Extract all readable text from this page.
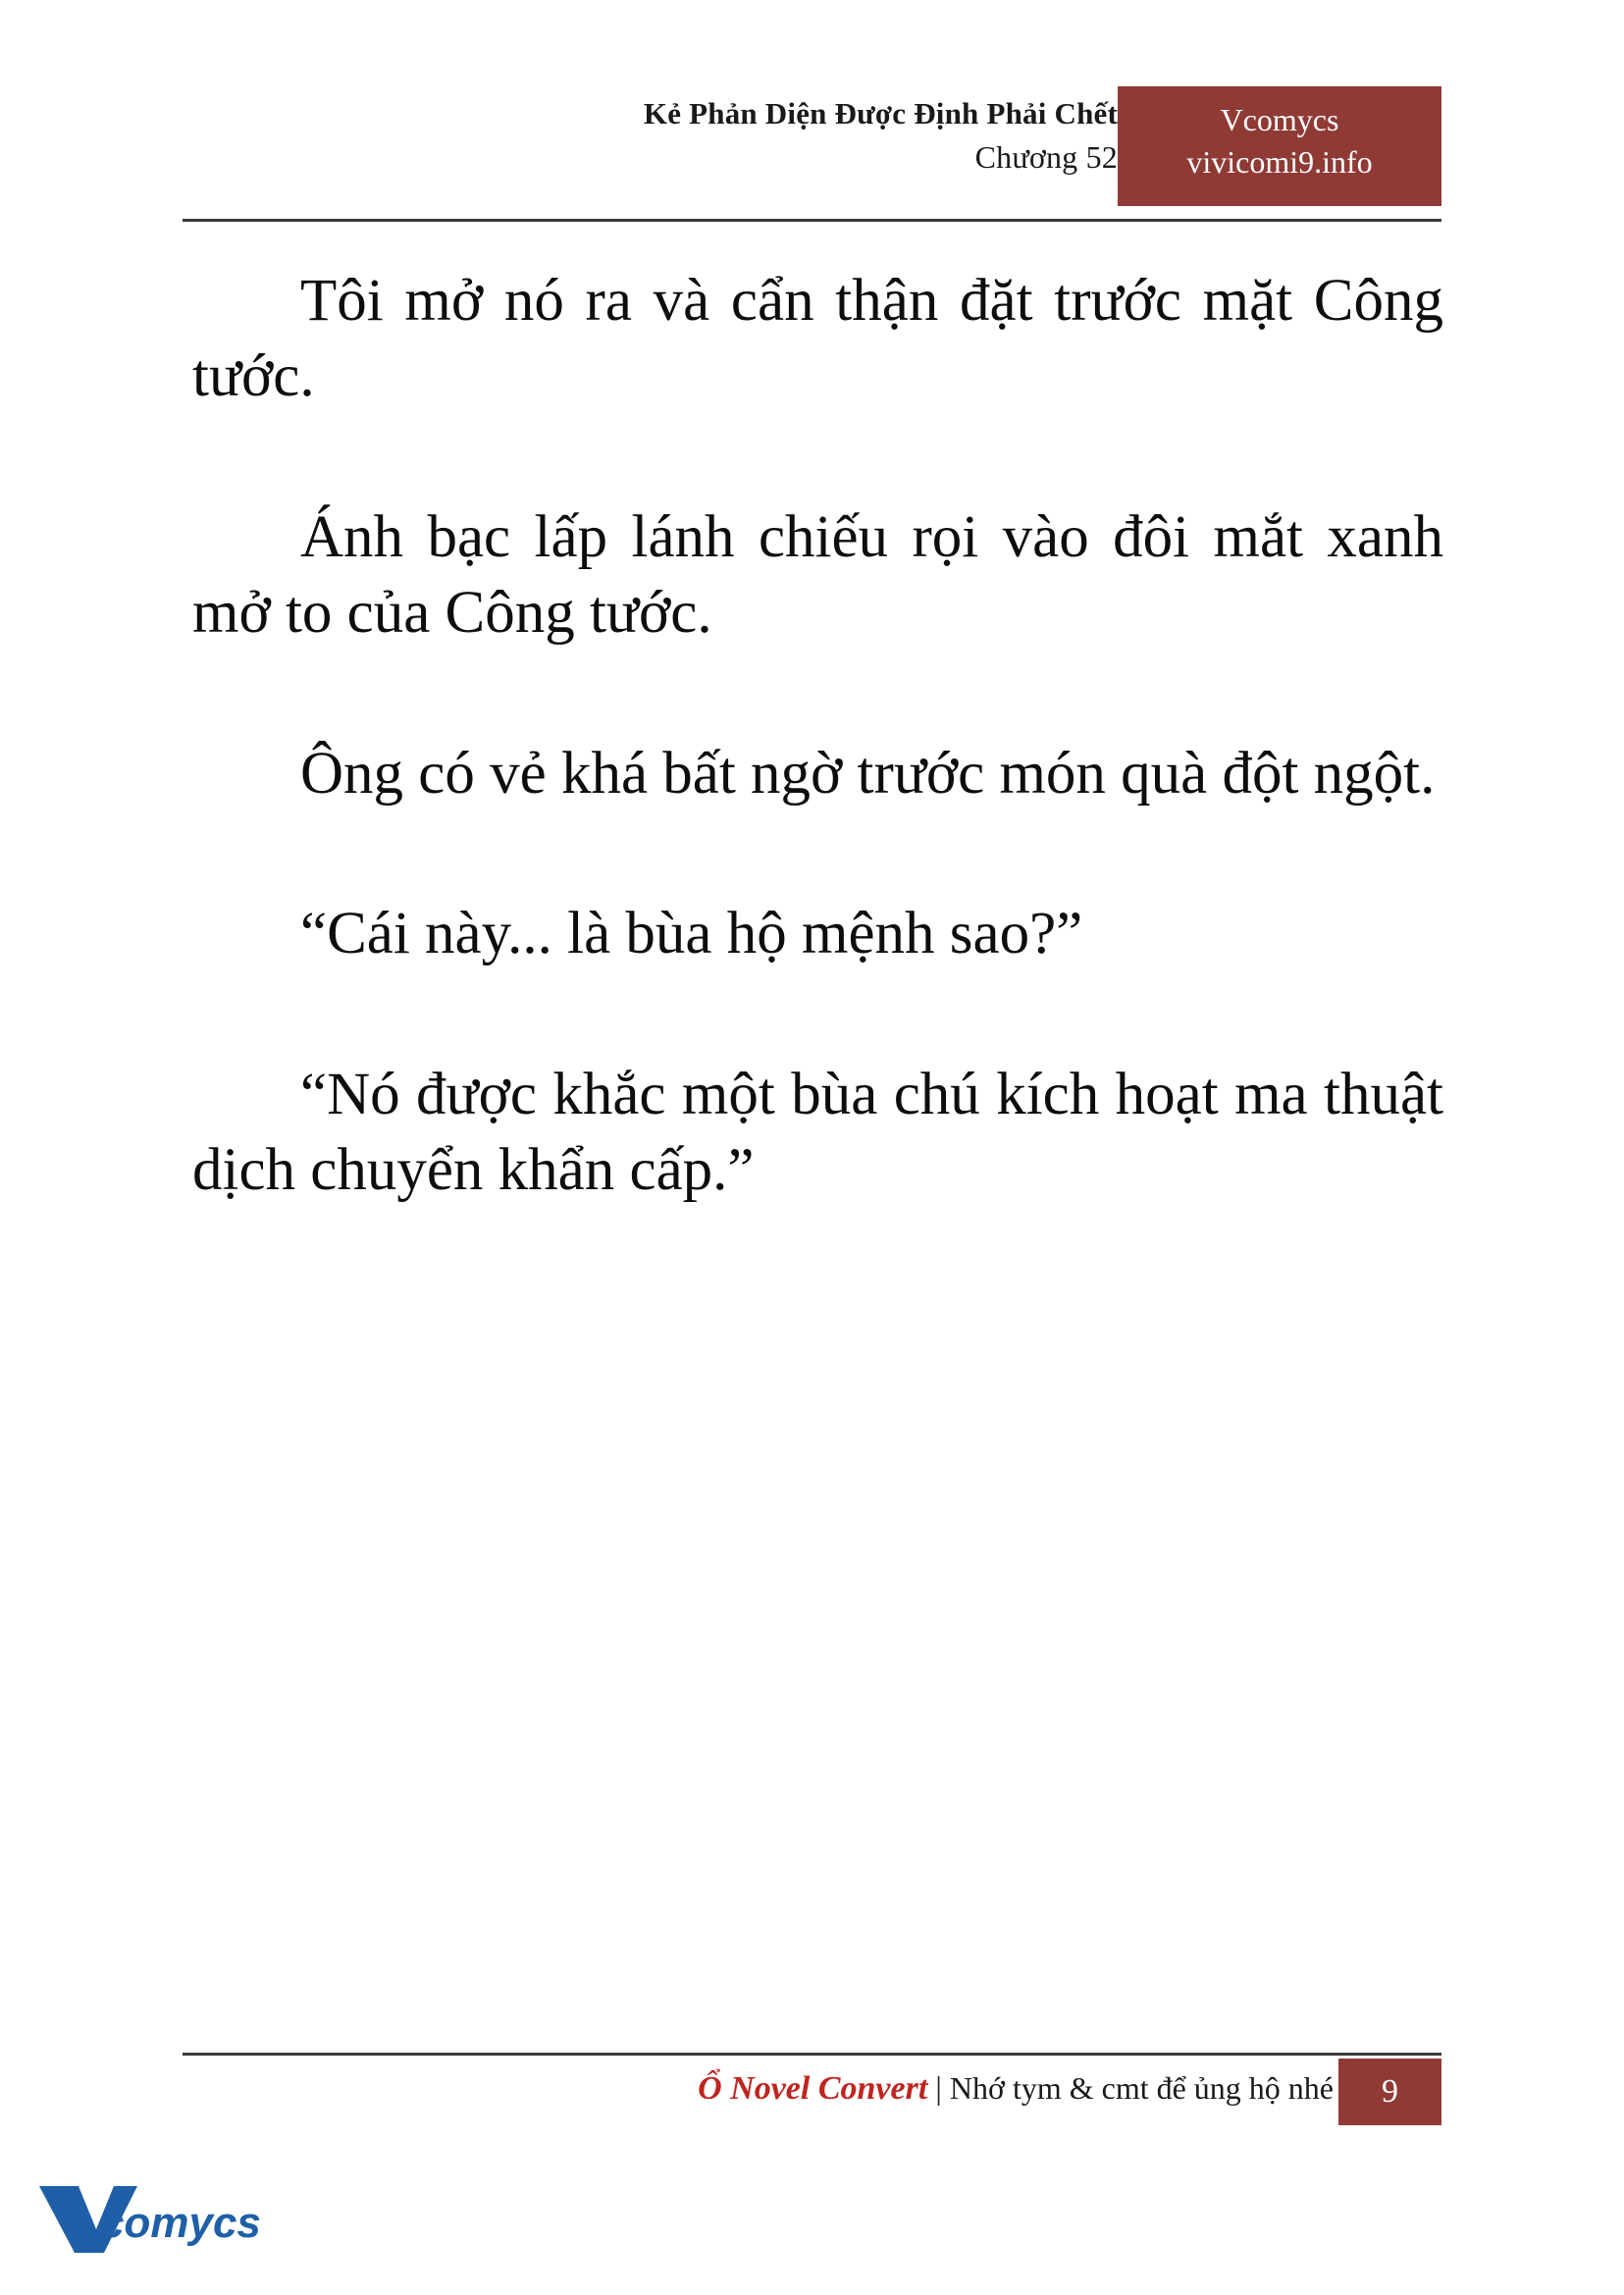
Kẻ Phản Diện Được Định Phải Chết
Chương 52
Vcomycs
vivicomi9.info

Tôi mở nó ra và cẩn thận đặt trước mặt Công tước.

Ánh bạc lấp lánh chiếu rọi vào đôi mắt xanh mở to của Công tước.

Ông có vẻ khá bất ngờ trước món quà đột ngột.

“Cái này... là bùa hộ mệnh sao?”

“Nó được khắc một bùa chú kích hoạt ma thuật dịch chuyển khẩn cấp.”

Ổ Novel Convert | Nhớ tym & cmt để ủng hộ nhé	9
comycs
